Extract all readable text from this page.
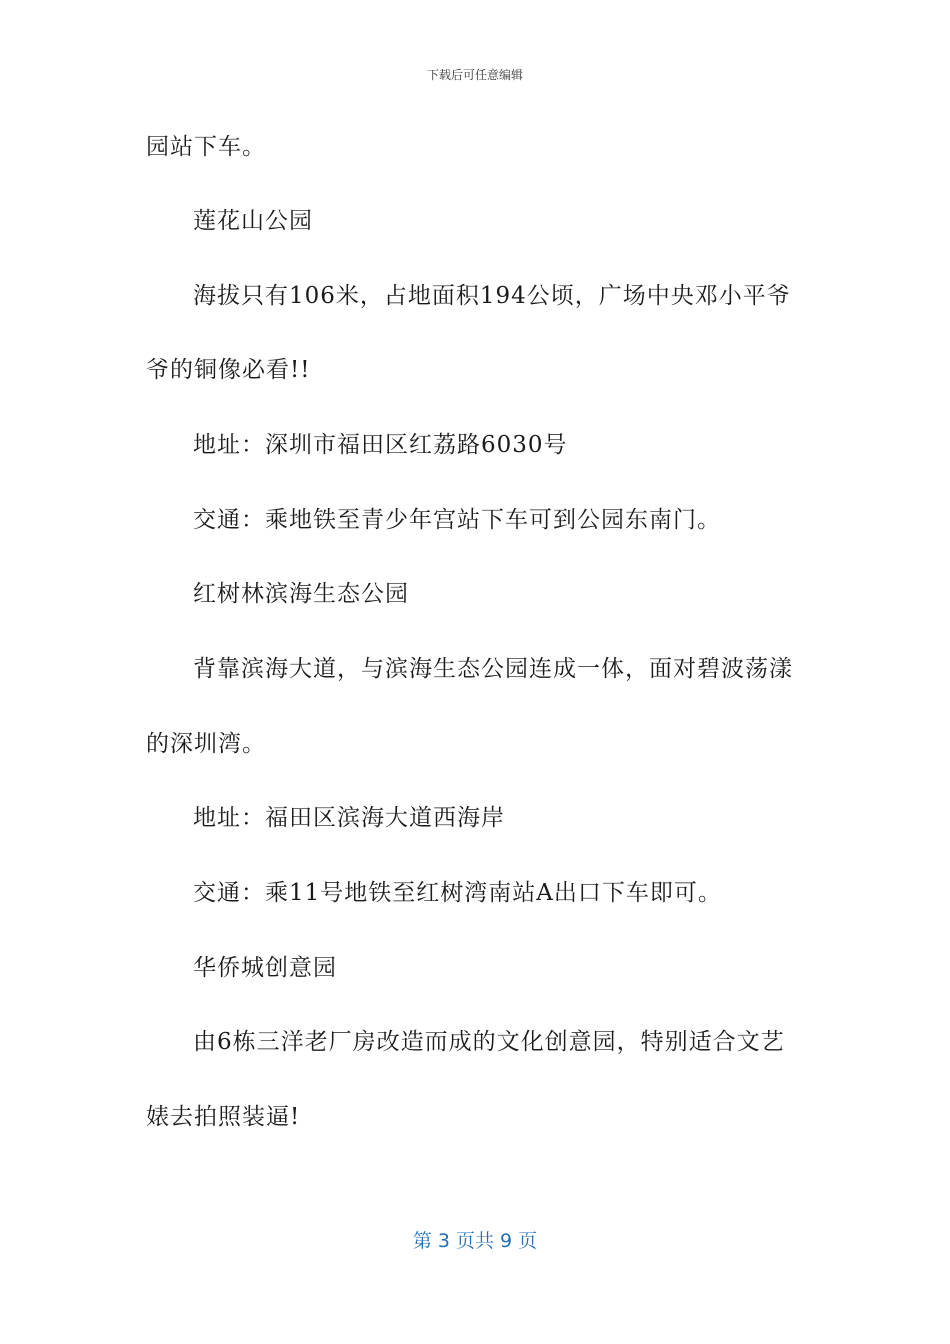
下载后可任意编辑
园站下车。
莲花山公园
海拔只有106米，占地面积194公顷，广场中央邓小平爷
爷的铜像必看!!
地址：深圳市福田区红荔路6030号
交通：乘地铁至青少年宫站下车可到公园东南门。
红树林滨海生态公园
背靠滨海大道，与滨海生态公园连成一体，面对碧波荡漾
的深圳湾。
地址：福田区滨海大道西海岸
交通：乘11号地铁至红树湾南站A出口下车即可。
华侨城创意园
由6栋三洋老厂房改造而成的文化创意园，特别适合文艺
婊去拍照装逼!
第 3 页共 9 页
